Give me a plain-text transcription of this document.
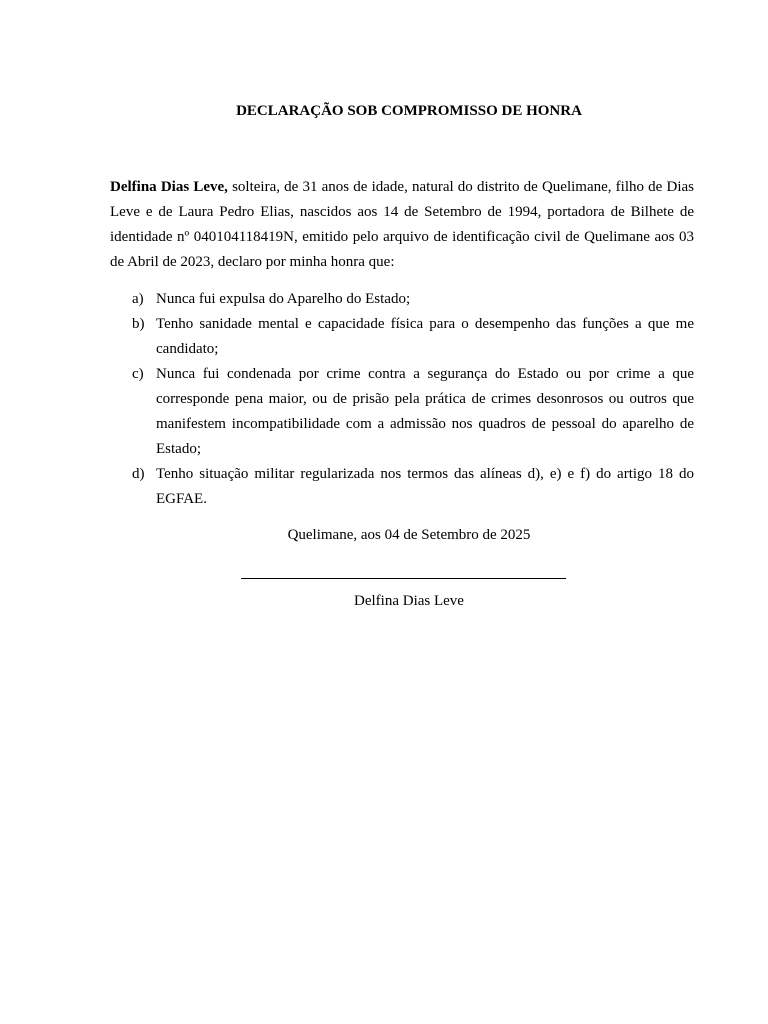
DECLARAÇÃO SOB COMPROMISSO DE HONRA

Delfina Dias Leve, solteira, de 31 anos de idade, natural do distrito de Quelimane, filho de Dias Leve e de Laura Pedro Elias, nascidos aos 14 de Setembro de 1994, portadora de Bilhete de identidade nº 040104118419N, emitido pelo arquivo de identificação civil de Quelimane aos 03 de Abril de 2023, declaro por minha honra que:

a) Nunca fui expulsa do Aparelho do Estado;
b) Tenho sanidade mental e capacidade física para o desempenho das funções a que me candidato;
c) Nunca fui condenada por crime contra a segurança do Estado ou por crime a que corresponde pena maior, ou de prisão pela prática de crimes desonrosos ou outros que manifestem incompatibilidade com a admissão nos quadros de pessoal do aparelho de Estado;
d) Tenho situação militar regularizada nos termos das alíneas d), e) e f) do artigo 18 do EGFAE.

Quelimane, aos 04 de Setembro de 2025

Delfina Dias Leve
